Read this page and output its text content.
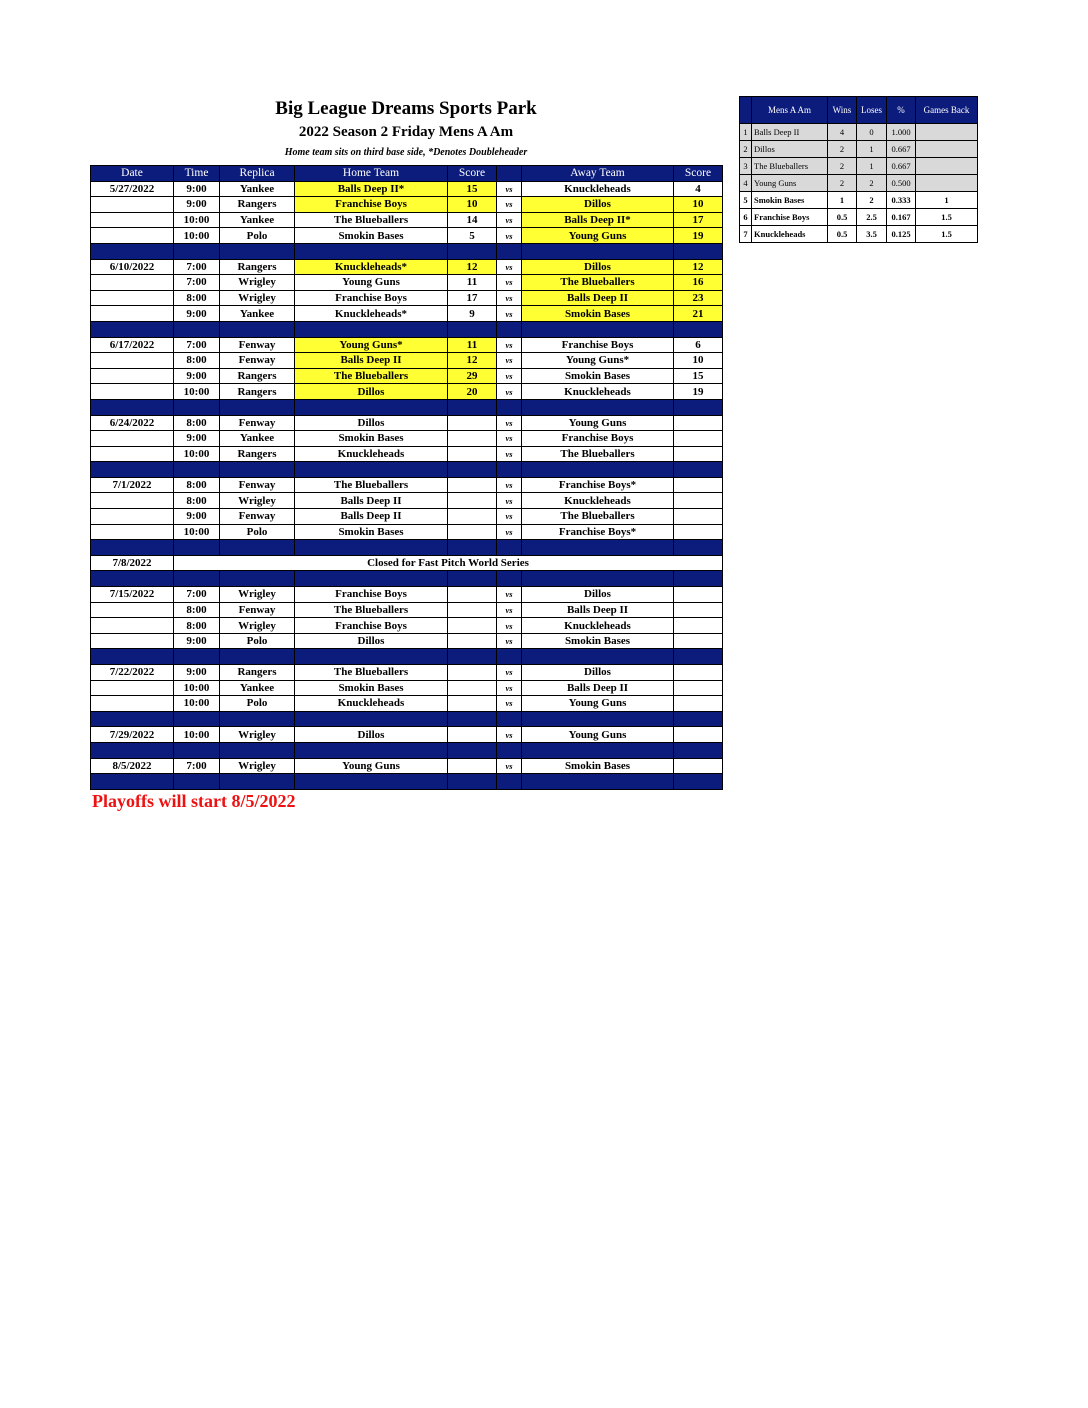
Big League Dreams Sports Park
2022 Season 2 Friday Mens A Am
Home team sits on third base side, *Denotes Doubleheader
Date	Time	Replica	Home Team	Score		Away Team	Score
5/27/2022	9:00	Yankee	Balls Deep II*	15	vs	Knuckleheads	4
	9:00	Rangers	Franchise Boys	10	vs	Dillos	10
	10:00	Yankee	The Blueballers	14	vs	Balls Deep II*	17
	10:00	Polo	Smokin Bases	5	vs	Young Guns	19

6/10/2022	7:00	Rangers	Knuckleheads*	12	vs	Dillos	12
	7:00	Wrigley	Young Guns	11	vs	The Blueballers	16
	8:00	Wrigley	Franchise Boys	17	vs	Balls Deep II	23
	9:00	Yankee	Knuckleheads*	9	vs	Smokin Bases	21

6/17/2022	7:00	Fenway	Young Guns*	11	vs	Franchise Boys	6
	8:00	Fenway	Balls Deep II	12	vs	Young Guns*	10
	9:00	Rangers	The Blueballers	29	vs	Smokin Bases	15
	10:00	Rangers	Dillos	20	vs	Knuckleheads	19

6/24/2022	8:00	Fenway	Dillos		vs	Young Guns	
	9:00	Yankee	Smokin Bases		vs	Franchise Boys	
	10:00	Rangers	Knuckleheads		vs	The Blueballers	

7/1/2022	8:00	Fenway	The Blueballers		vs	Franchise Boys*	
	8:00	Wrigley	Balls Deep II		vs	Knuckleheads	
	9:00	Fenway	Balls Deep II		vs	The Blueballers	
	10:00	Polo	Smokin Bases		vs	Franchise Boys*	

7/8/2022	Closed for Fast Pitch World Series						

7/15/2022	7:00	Wrigley	Franchise Boys		vs	Dillos	
	8:00	Fenway	The Blueballers		vs	Balls Deep II	
	8:00	Wrigley	Franchise Boys		vs	Knuckleheads	
	9:00	Polo	Dillos		vs	Smokin Bases	

7/22/2022	9:00	Rangers	The Blueballers		vs	Dillos	
	10:00	Yankee	Smokin Bases		vs	Balls Deep II	
	10:00	Polo	Knuckleheads		vs	Young Guns	

7/29/2022	10:00	Wrigley	Dillos		vs	Young Guns	

8/5/2022	7:00	Wrigley	Young Guns		vs	Smokin Bases	

	Mens A Am	Wins	Loses	%	Games Back
1	Balls Deep II	4	0	1.000	
2	Dillos	2	1	0.667	
3	The Blueballers	2	1	0.667	
4	Young Guns	2	2	0.500	
5	Smokin Bases	1	2	0.333	1
6	Franchise Boys	0.5	2.5	0.167	1.5
7	Knuckleheads	0.5	3.5	0.125	1.5
Playoffs will start 8/5/2022
